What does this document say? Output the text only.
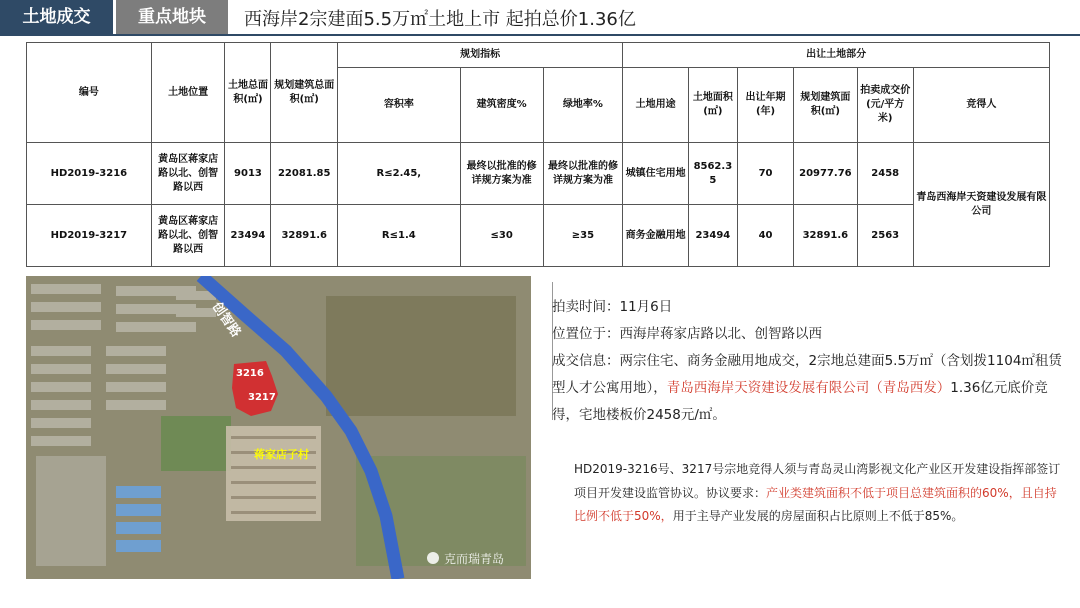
土地成交	重点地块	西海岸2宗建面5.5万㎡土地上市 起拍总价1.36亿
编号	土地位置	土地总面积(㎡)	规划建筑总面积(㎡)	规划指标			出让土地部分					
				容积率	建筑密度%	绿地率%	土地用途	土地面积(㎡)	出让年期(年)	规划建筑面积(㎡)	拍卖成交价(元/平方米)	竞得人
HD2019-3216	黄岛区蒋家店路以北、创智路以西	9013	22081.85	R≤2.45,	最终以批准的修详规方案为准	最终以批准的修详规方案为准	城镇住宅用地	8562.35	70	20977.76	2458	青岛西海岸天资建设发展有限公司
HD2019-3217	黄岛区蒋家店路以北、创智路以西	23494	32891.6	R≤1.4	≤30	≥35	商务金融用地	23494	40	32891.6	2563	
创智路
3216
3217
蒋家店子村
克而瑞青岛

拍卖时间：11月6日

位置位于：西海岸蒋家店路以北、创智路以西

成交信息：两宗住宅、商务金融用地成交，2宗地总建面5.5万㎡（含划拨1104㎡租赁型人才公寓用地），青岛西海岸天资建设发展有限公司（青岛西发）1.36亿元底价竞得，宅地楼板价2458元/㎡。

HD2019-3216号、3217号宗地竞得人须与青岛灵山湾影视文化产业区开发建设指挥部签订项目开发建设监管协议。协议要求：产业类建筑面积不低于项目总建筑面积的60%，且自持比例不低于50%，用于主导产业发展的房屋面积占比原则上不低于85%。
